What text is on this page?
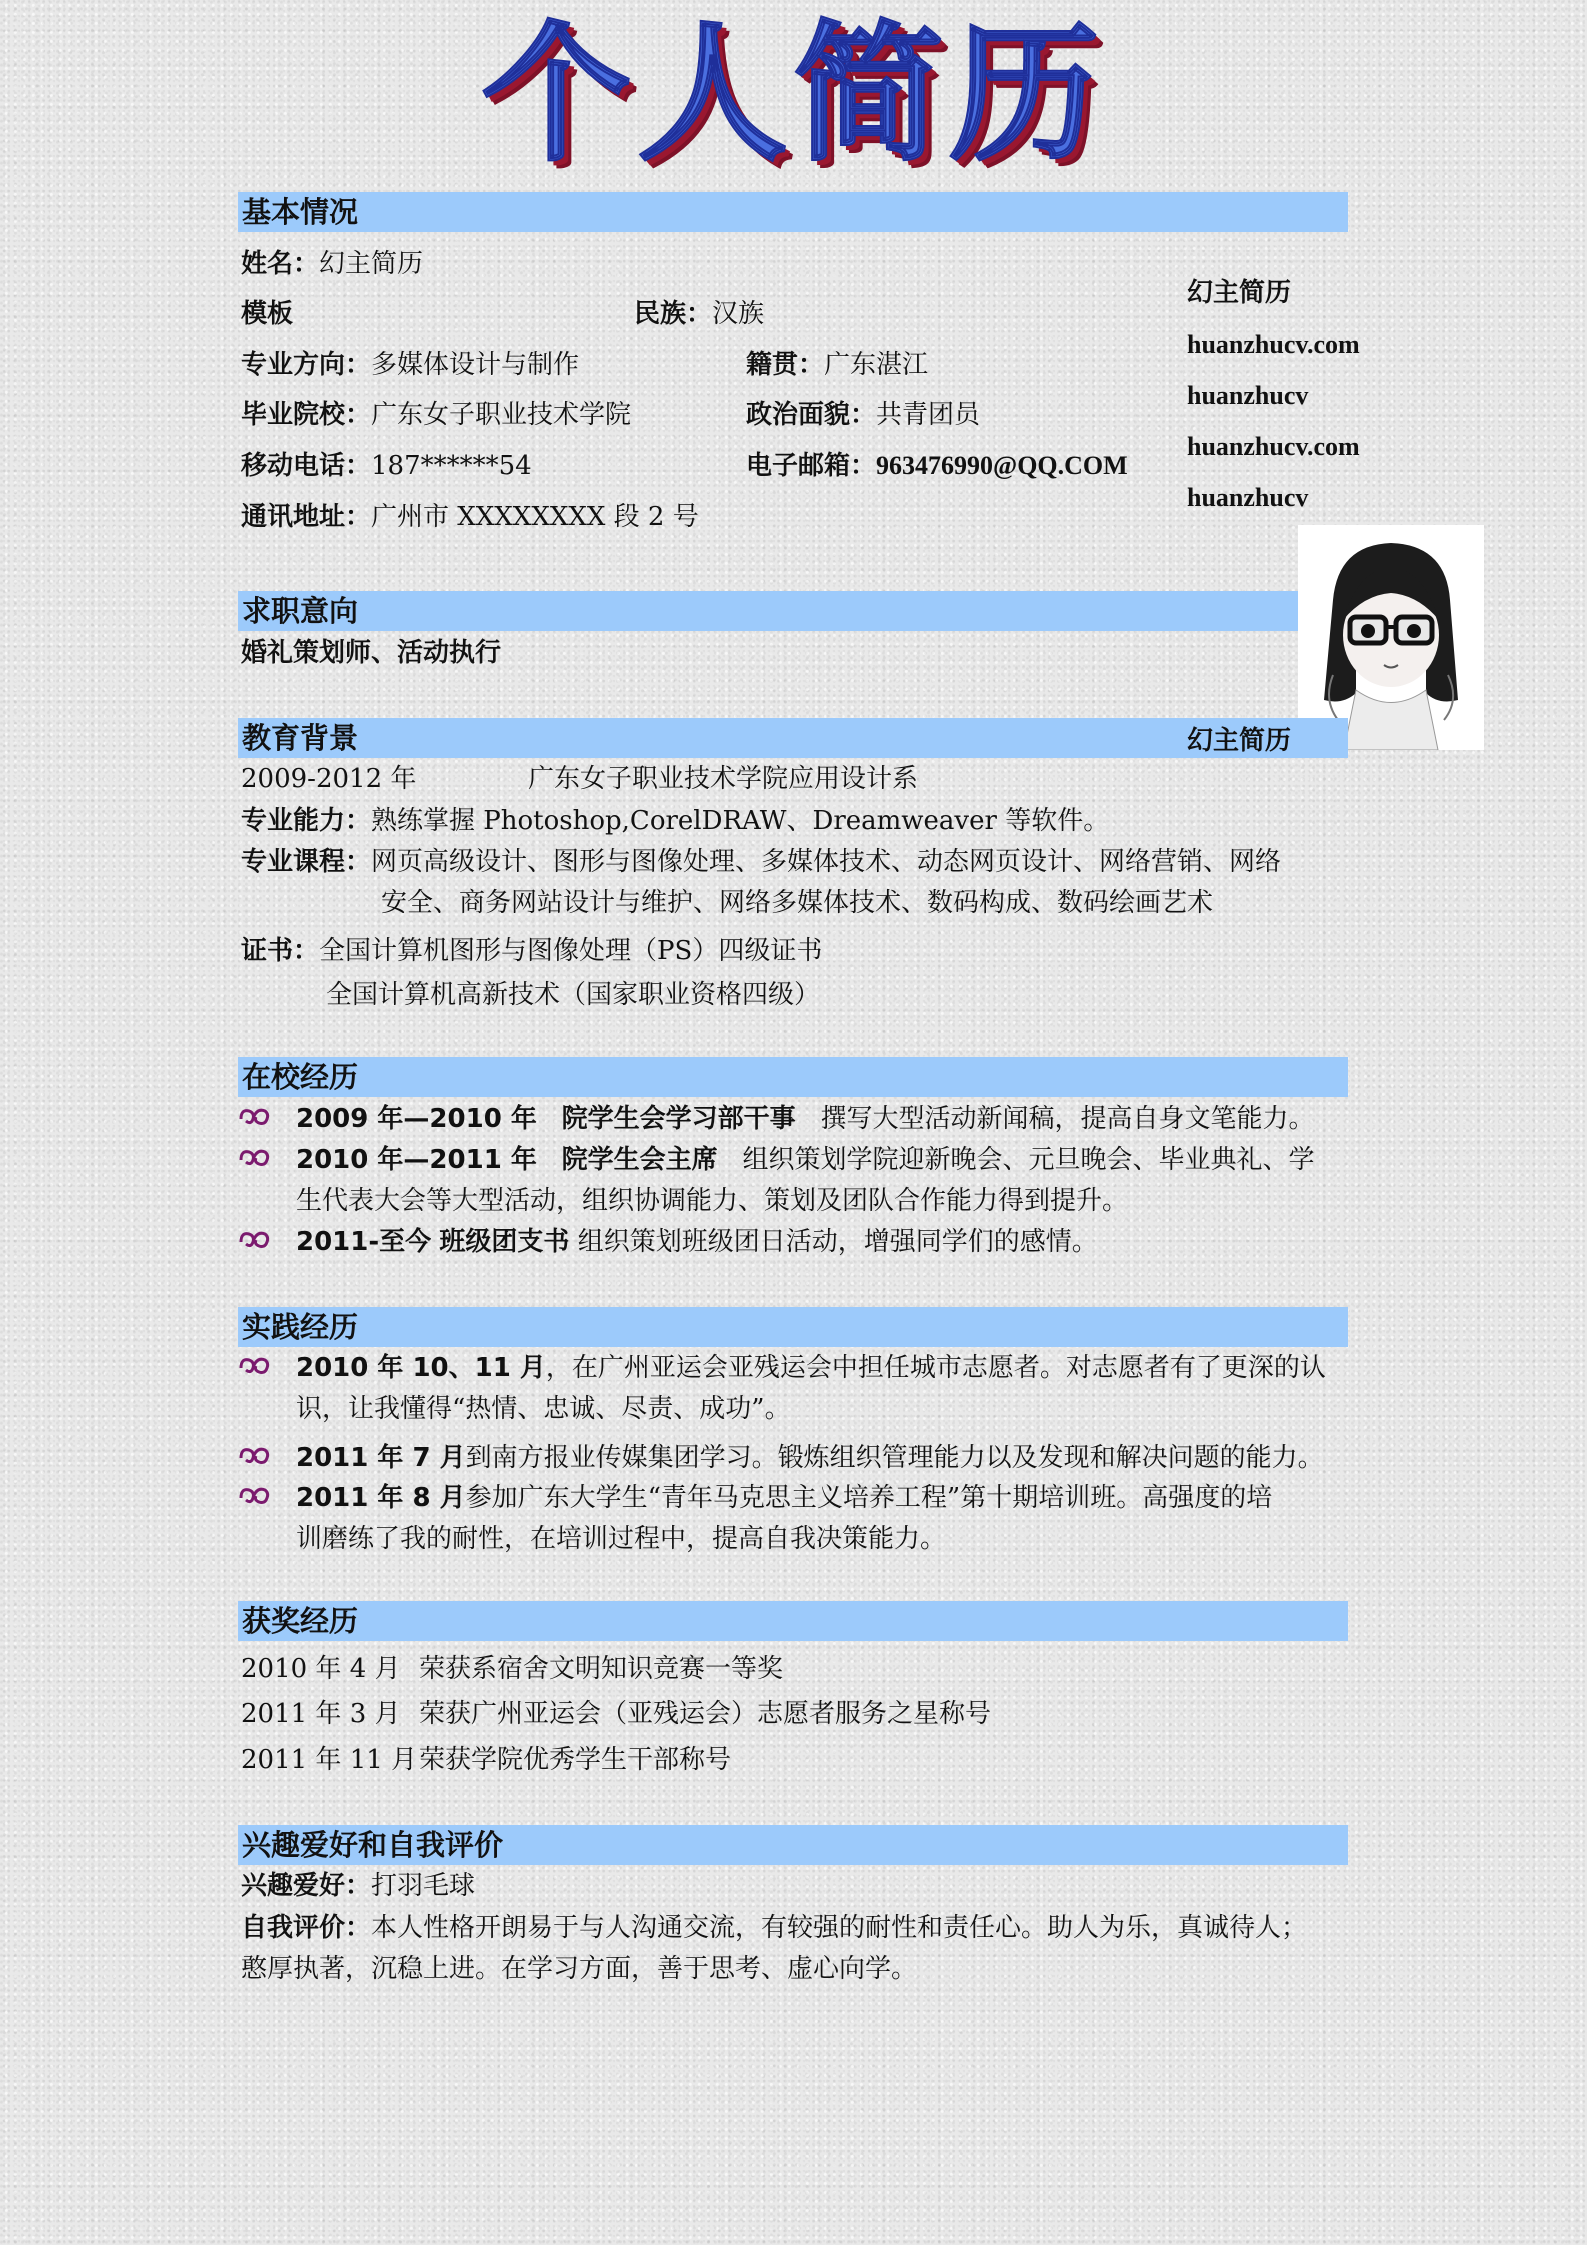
个人简历
基本情况
姓名：幻主简历
模板	民族：汉族
专业方向：多媒体设计与制作	籍贯：广东湛江
毕业院校：广东女子职业技术学院	政治面貌：共青团员
移动电话：187******54	电子邮箱：963476990@QQ.COM
通讯地址：广州市 XXXXXXXX 段 2 号
幻主简历
huanzhucv.com
huanzhucv
huanzhucv.com
huanzhucv
求职意向
婚礼策划师、活动执行
教育背景	幻主简历
2009-2012 年	广东女子职业技术学院应用设计系
专业能力：熟练掌握 Photoshop,CorelDRAW、Dreamweaver 等软件。
专业课程：网页高级设计、图形与图像处理、多媒体技术、动态网页设计、网络营销、网络
安全、商务网站设计与维护、网络多媒体技术、数码构成、数码绘画艺术
证书：全国计算机图形与图像处理（PS）四级证书
全国计算机高新技术（国家职业资格四级）
在校经历
2009 年—2010 年 院学生会学习部干事 撰写大型活动新闻稿，提高自身文笔能力。
2010 年—2011 年 院学生会主席 组织策划学院迎新晚会、元旦晚会、毕业典礼、学
生代表大会等大型活动，组织协调能力、策划及团队合作能力得到提升。
2011-至今 班级团支书 组织策划班级团日活动，增强同学们的感情。
实践经历
2010 年 10、11 月，在广州亚运会亚残运会中担任城市志愿者。对志愿者有了更深的认
识，让我懂得“热情、忠诚、尽责、成功”。
2011 年 7 月到南方报业传媒集团学习。锻炼组织管理能力以及发现和解决问题的能力。
2011 年 8 月参加广东大学生“青年马克思主义培养工程”第十期培训班。高强度的培
训磨练了我的耐性，在培训过程中，提高自我决策能力。
获奖经历
2010 年 4 月 荣获系宿舍文明知识竞赛一等奖
2011 年 3 月 荣获广州亚运会（亚残运会）志愿者服务之星称号
2011 年 11 月荣获学院优秀学生干部称号
兴趣爱好和自我评价
兴趣爱好：打羽毛球
自我评价：本人性格开朗易于与人沟通交流，有较强的耐性和责任心。助人为乐，真诚待人；
憨厚执著，沉稳上进。在学习方面，善于思考、虚心向学。
